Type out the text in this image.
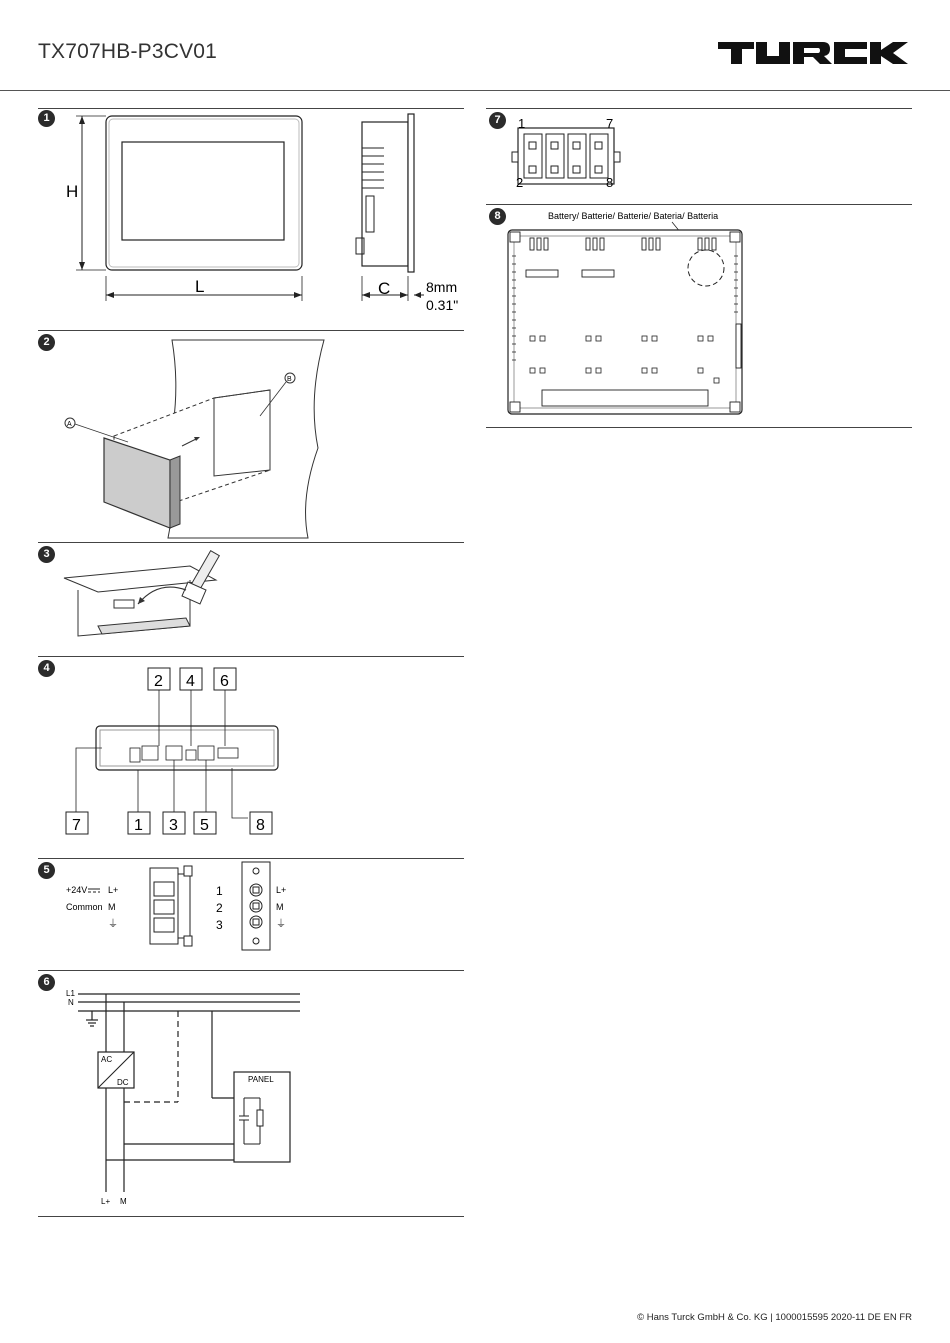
TX707HB-P3CV01
1
H
L	C	8mm
0.31"
2
A
B
3
4
2 4 6
7	1 3 5	8
5
+24V L+
Common M
⏚
1
2
3
L+
M
⏚
6
L1
N
AC
DC	PANEL
L+ M
7	1	7
2	8
8	Battery/ Batterie/ Batterie/ Bateria/ Batteria
© Hans Turck GmbH & Co. KG | 1000015595 2020-11 DE EN FR
